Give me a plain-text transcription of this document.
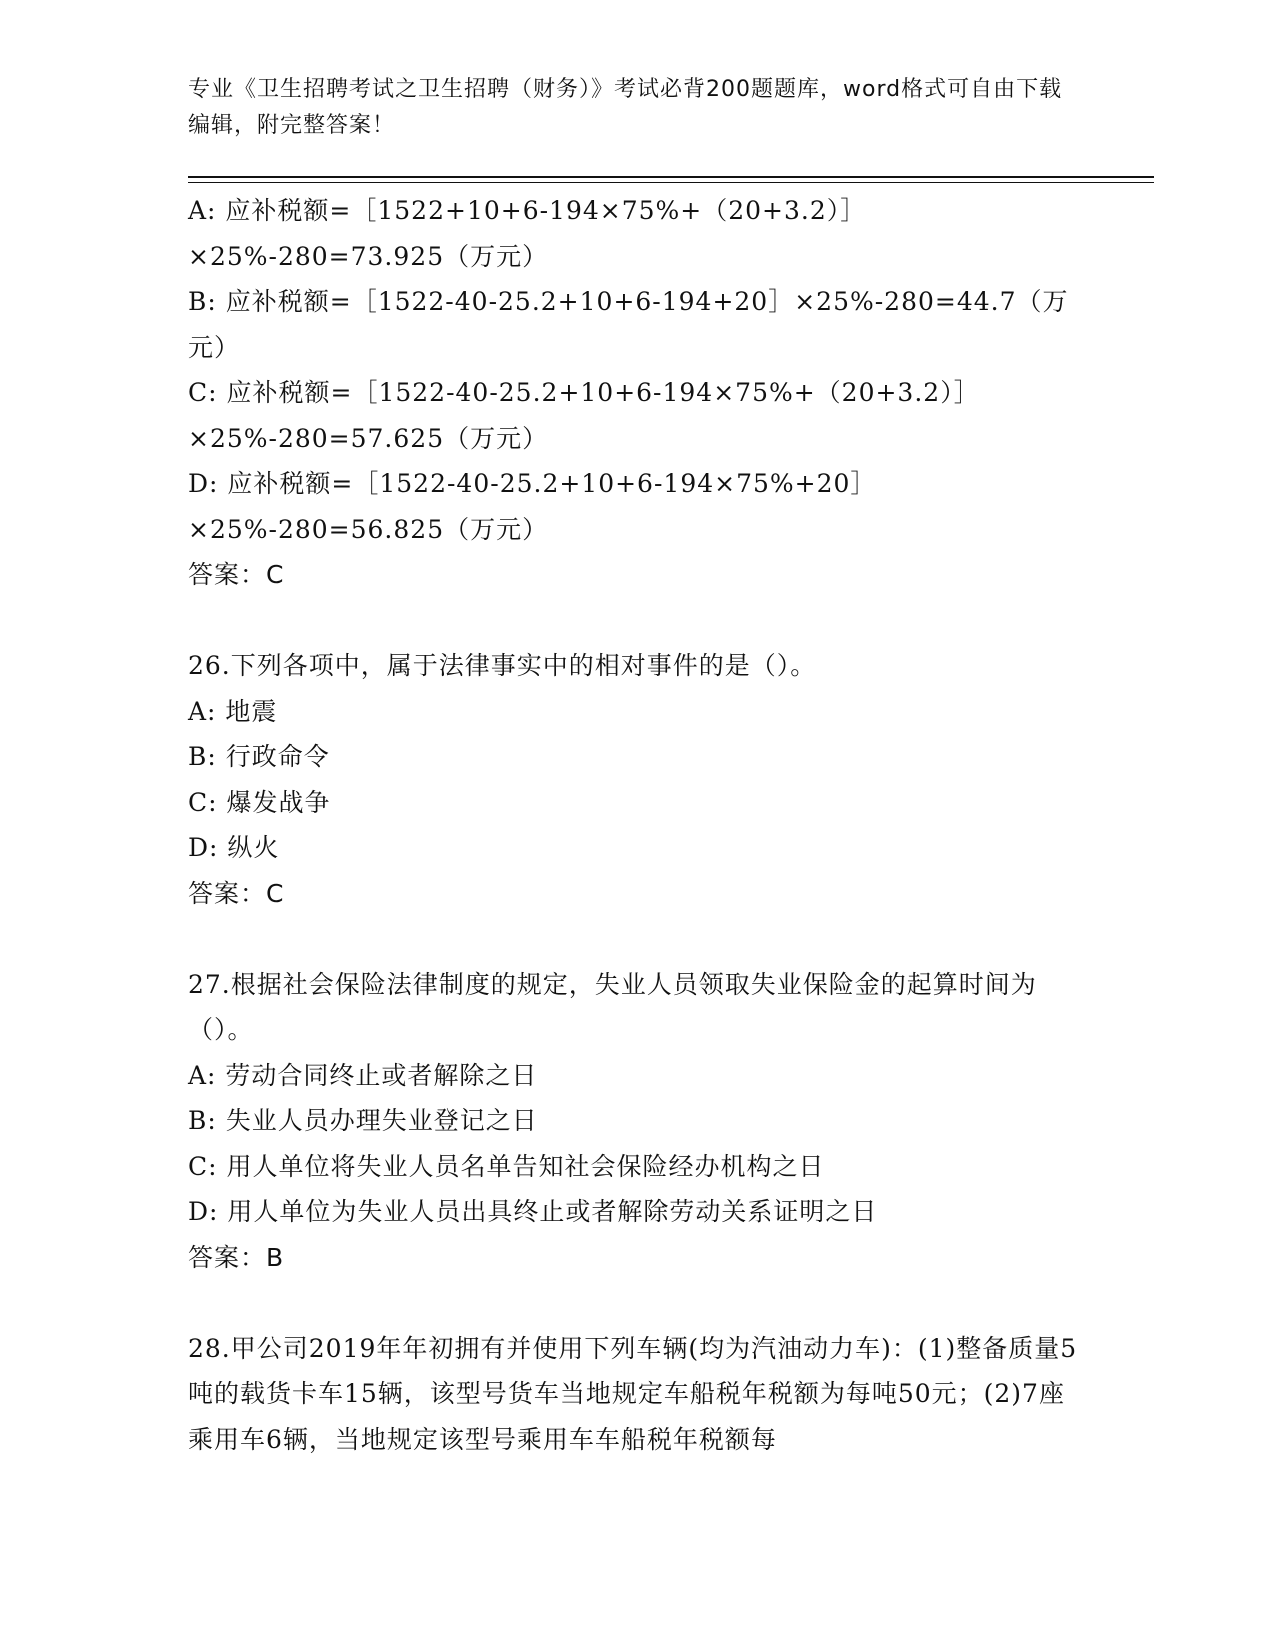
专业《卫生招聘考试之卫生招聘（财务）》考试必背200题题库，word格式可自由下载编辑，附完整答案！
A: 应补税额=［1522+10+6-194×75%+（20+3.2）］×25%-280=73.925（万元）
B: 应补税额=［1522-40-25.2+10+6-194+20］×25%-280=44.7（万元）
C: 应补税额=［1522-40-25.2+10+6-194×75%+（20+3.2）］×25%-280=57.625（万元）
D: 应补税额=［1522-40-25.2+10+6-194×75%+20］×25%-280=56.825（万元）
答案：C
26.下列各项中，属于法律事实中的相对事件的是（）。
A: 地震
B: 行政命令
C: 爆发战争
D: 纵火
答案：C
27.根据社会保险法律制度的规定，失业人员领取失业保险金的起算时间为（）。
A: 劳动合同终止或者解除之日
B: 失业人员办理失业登记之日
C: 用人单位将失业人员名单告知社会保险经办机构之日
D: 用人单位为失业人员出具终止或者解除劳动关系证明之日
答案：B
28.甲公司2019年年初拥有并使用下列车辆(均为汽油动力车)：(1)整备质量5吨的载货卡车15辆，该型号货车当地规定车船税年税额为每吨50元；(2)7座乘用车6辆，当地规定该型号乘用车车船税年税额每
